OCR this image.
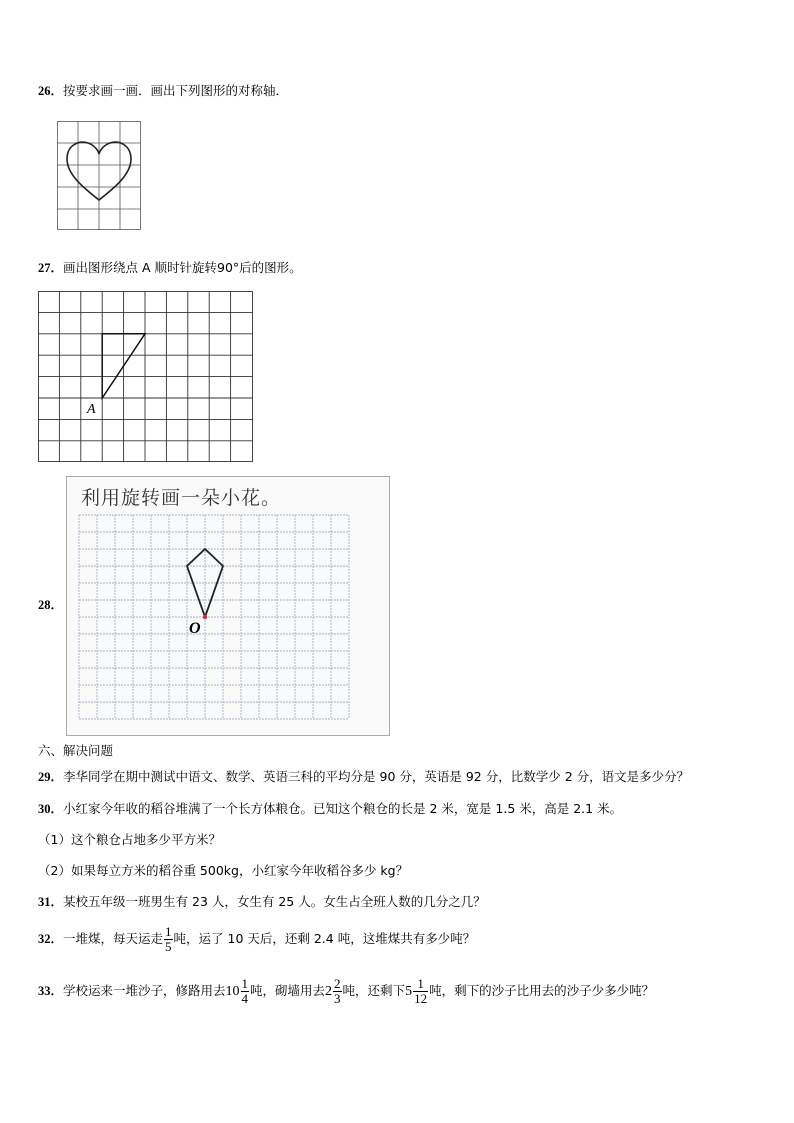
26．按要求画一画．画出下列图形的对称轴．
27．画出图形绕点 A 顺时针旋转90°后的图形。
A
28．
利用旋转画一朵小花。
O
六、解决问题
29．李华同学在期中测试中语文、数学、英语三科的平均分是 90 分，英语是 92 分，比数学少 2 分，语文是多少分？
30．小红家今年收的稻谷堆满了一个长方体粮仓。已知这个粮仓的长是 2 米，宽是 1.5 米，高是 2.1 米。
（1）这个粮仓占地多少平方米？
（2）如果每立方米的稻谷重 500kg，小红家今年收稻谷多少 kg？
31．某校五年级一班男生有 23 人，女生有 25 人。女生占全班人数的几分之几？
32．一堆煤，每天运走 $\frac{1}{5}$ 吨，运了 10 天后，还剩 2.4 吨，这堆煤共有多少吨？
33．学校运来一堆沙子，修路用去$10 \frac{1}{4}$ 吨，砌墙用去$2 \frac{2}{3}$ 吨，还剩下$5 \frac{1}{12}$ 吨，剩下的沙子比用去的沙子少多少吨？
